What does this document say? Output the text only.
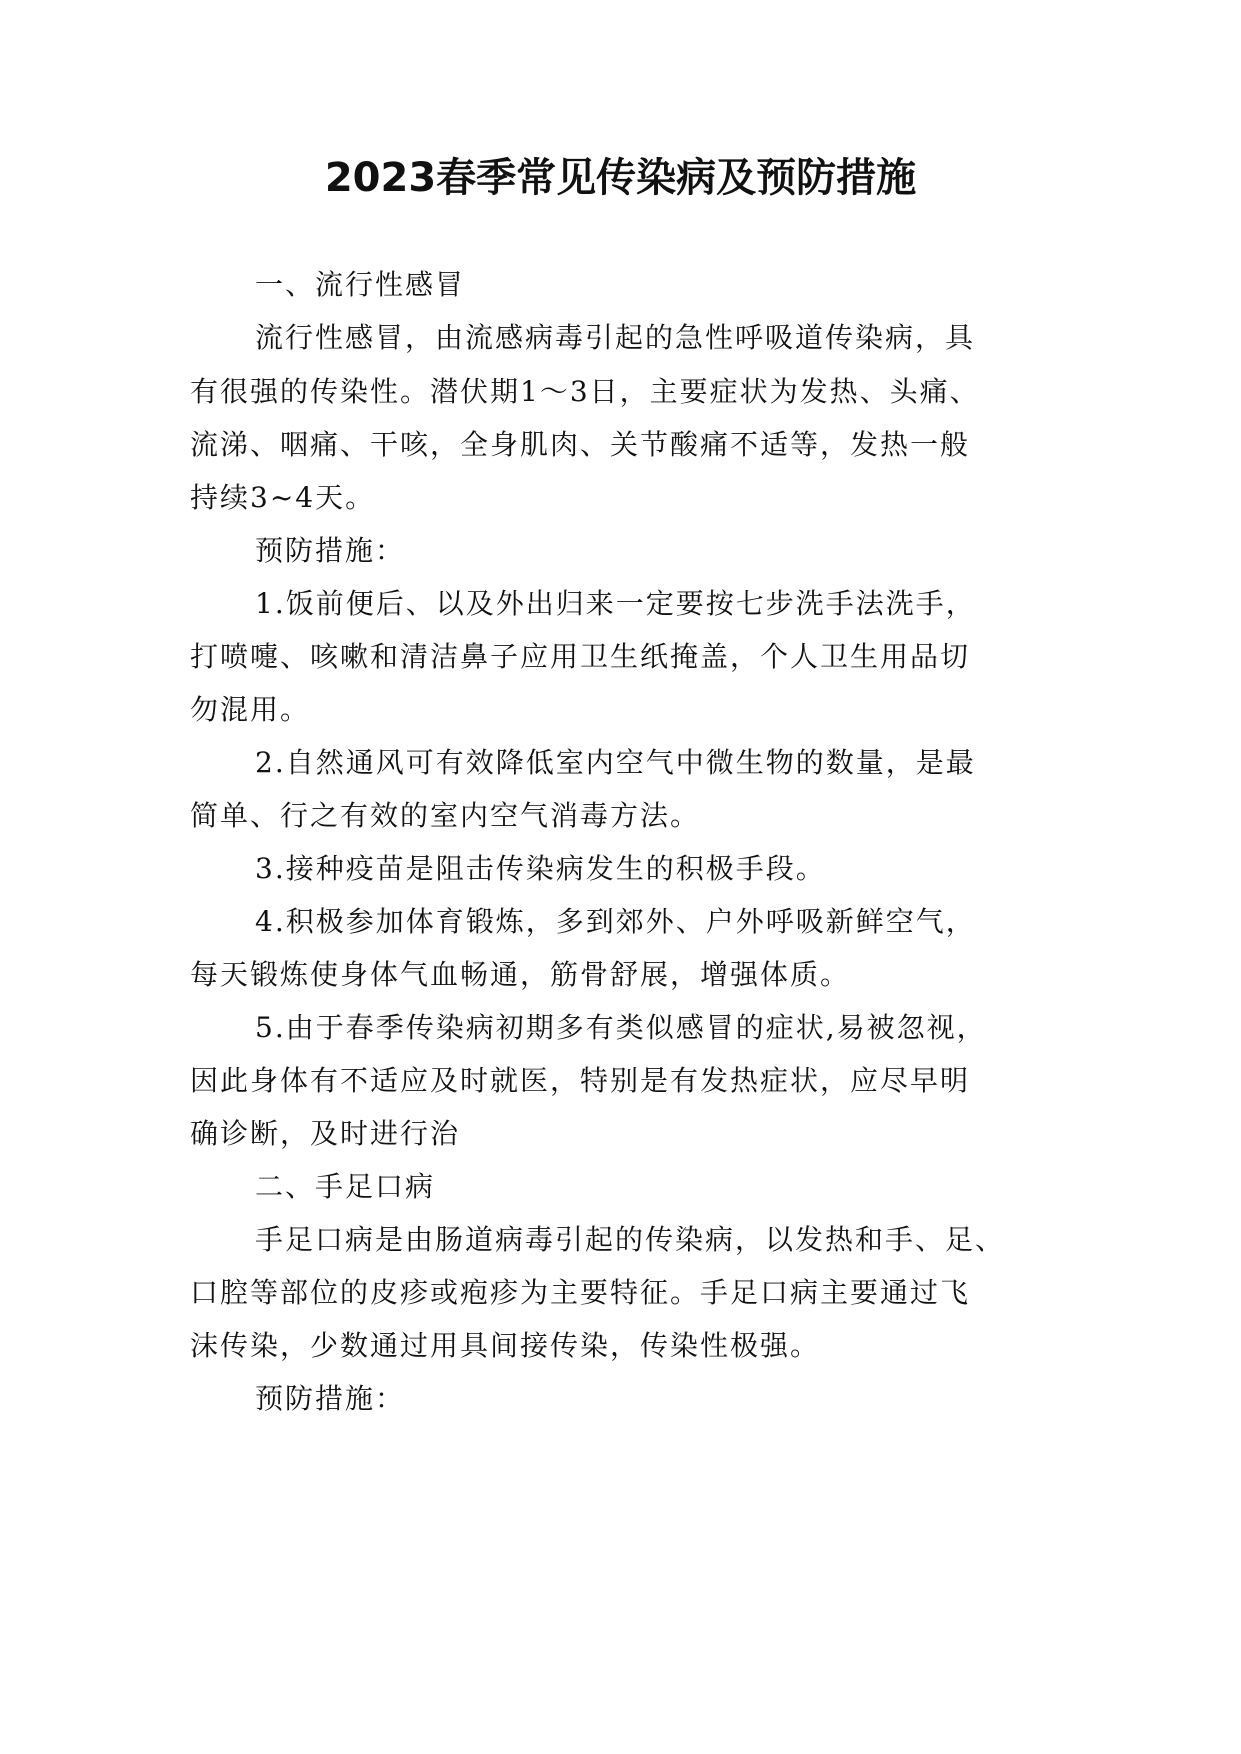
2023春季常见传染病及预防措施
一、流行性感冒
流行性感冒，由流感病毒引起的急性呼吸道传染病，具
有很强的传染性。潜伏期1～3日，主要症状为发热、头痛、
流涕、咽痛、干咳，全身肌肉、关节酸痛不适等，发热一般
持续3~4天。
预防措施：
1.饭前便后、以及外出归来一定要按七步洗手法洗手，
打喷嚏、咳嗽和清洁鼻子应用卫生纸掩盖，个人卫生用品切
勿混用。
2.自然通风可有效降低室内空气中微生物的数量，是最
简单、行之有效的室内空气消毒方法。
3.接种疫苗是阻击传染病发生的积极手段。
4.积极参加体育锻炼，多到郊外、户外呼吸新鲜空气，
每天锻炼使身体气血畅通，筋骨舒展，增强体质。
5.由于春季传染病初期多有类似感冒的症状,易被忽视，
因此身体有不适应及时就医，特别是有发热症状，应尽早明
确诊断，及时进行治
二、手足口病
手足口病是由肠道病毒引起的传染病，以发热和手、足、
口腔等部位的皮疹或疱疹为主要特征。手足口病主要通过飞
沫传染，少数通过用具间接传染，传染性极强。
预防措施：
